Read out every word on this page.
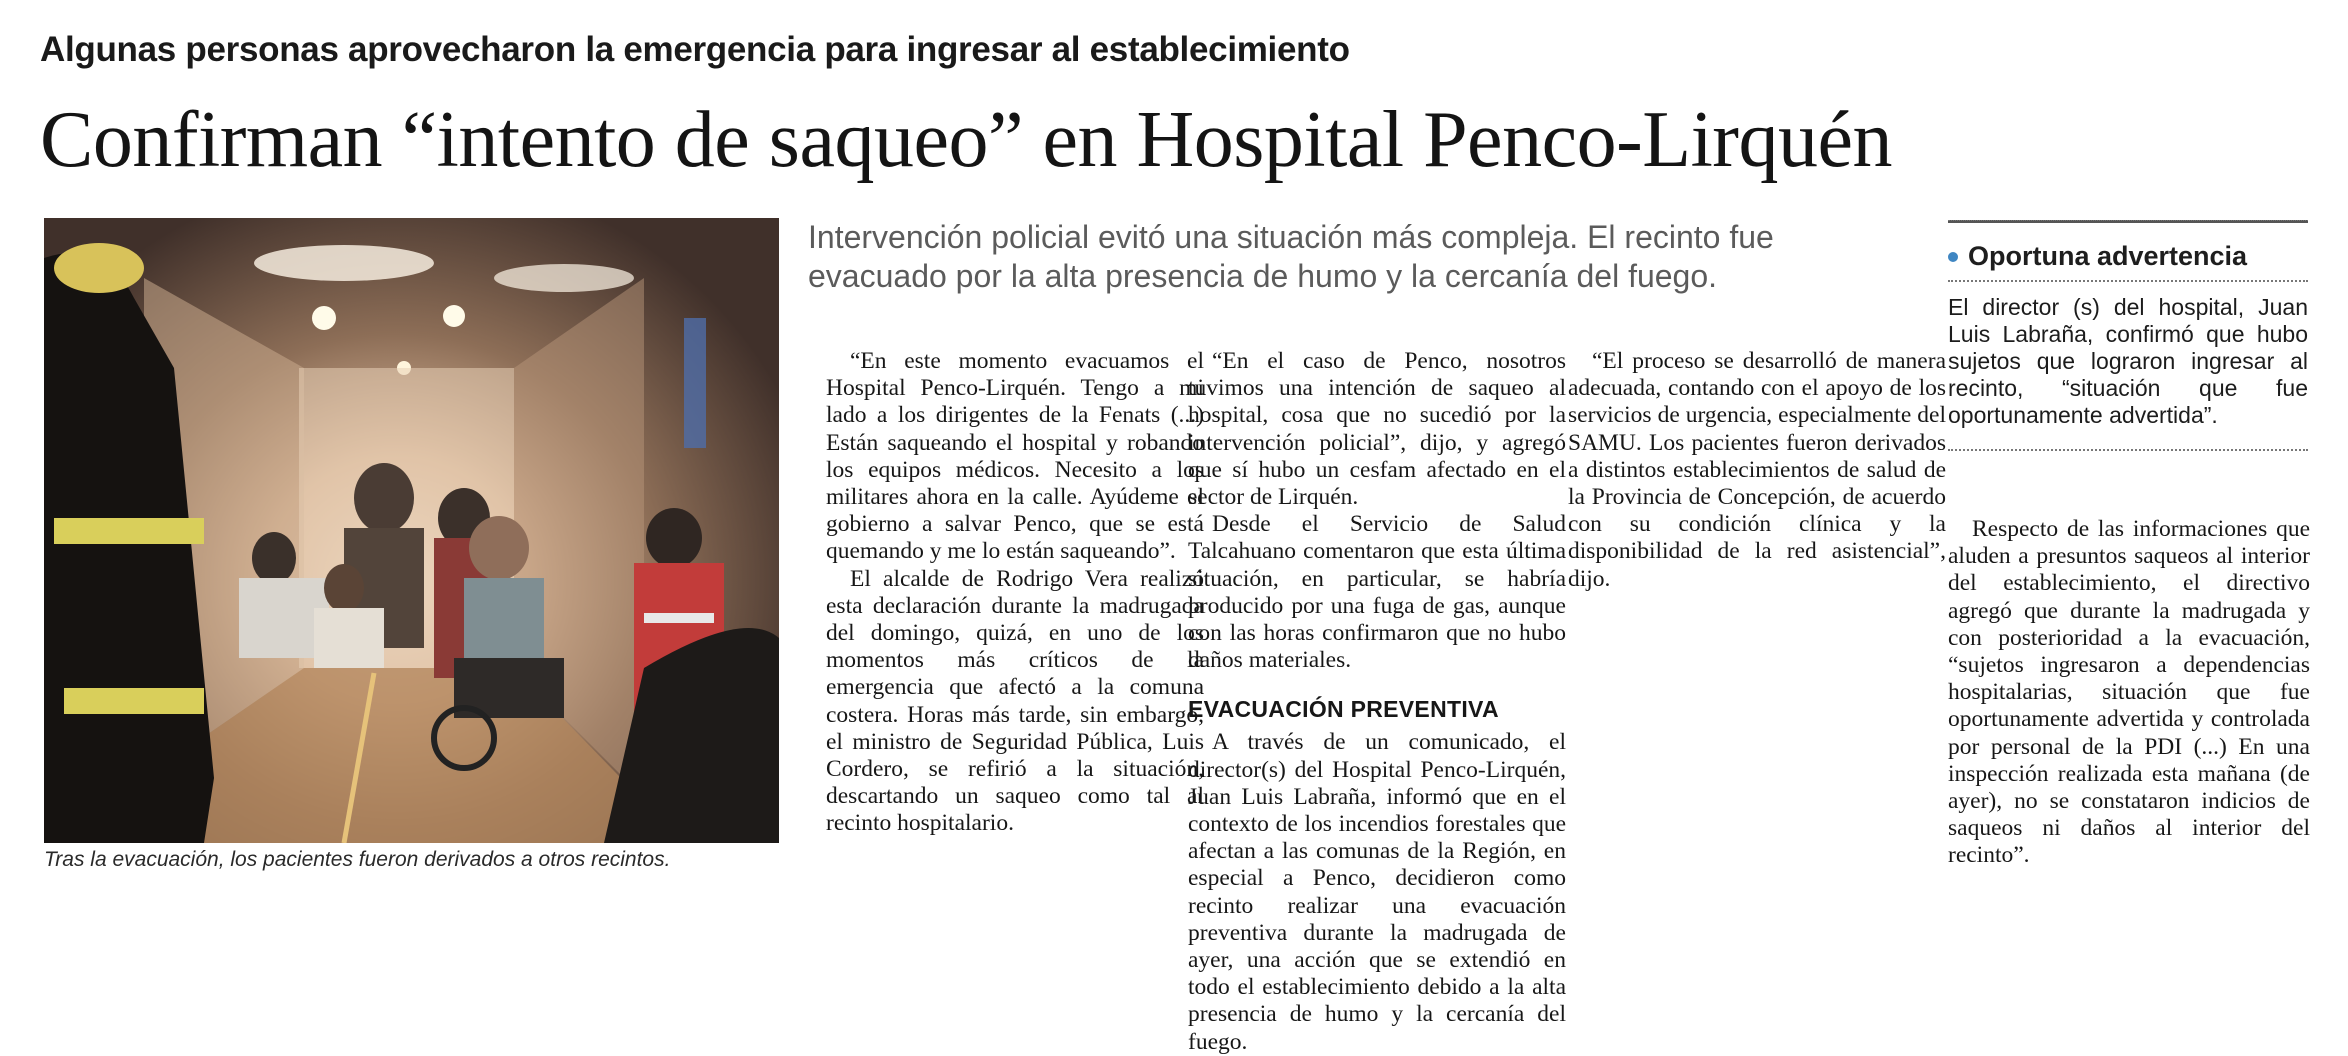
Algunas personas aprovecharon la emergencia para ingresar al establecimiento
Confirman “intento de saqueo” en Hospital Penco-Lirquén
Tras la evacuación, los pacientes fueron derivados a otros recintos.
Intervención policial evitó una situación más compleja. El recinto fue evacuado por la alta presencia de humo y la cercanía del fuego.

“En este momento evacuamos el Hospital Penco-Lirquén. Tengo a mi lado a los dirigentes de la Fenats (...) Están saqueando el hospital y robando los equipos médicos. Necesito a los militares ahora en la calle. Ayúdeme el gobierno a salvar Penco, que se está quemando y me lo están saqueando”.

El alcalde de Rodrigo Vera realizó esta declaración durante la madrugada del domingo, quizá, en uno de los momentos más críticos de la emergencia que afectó a la comuna costera. Horas más tarde, sin embargo, el ministro de Seguridad Pública, Luis Cordero, se refirió a la situación, descartando un saqueo como tal al recinto hospitalario.

“En el caso de Penco, nosotros tuvimos una intención de saqueo al hospital, cosa que no sucedió por la intervención policial”, dijo, y agregó que sí hubo un cesfam afectado en el sector de Lirquén.

Desde el Servicio de Salud Talcahuano comentaron que esta última situación, en particular, se habría producido por una fuga de gas, aunque con las horas confirmaron que no hubo daños materiales.

EVACUACIÓN PREVENTIVA

A través de un comunicado, el director(s) del Hospital Penco-Lirquén, Juan Luis Labraña, informó que en el contexto de los incendios forestales que afectan a las comunas de la Región, en especial a Penco, decidieron como recinto realizar una evacuación preventiva durante la madrugada de ayer, una acción que se extendió en todo el establecimiento debido a la alta presencia de humo y la cercanía del fuego.

“El proceso se desarrolló de manera adecuada, contando con el apoyo de los servicios de urgencia, especialmente del SAMU. Los pacientes fueron derivados a distintos establecimientos de salud de la Provincia de Concepción, de acuerdo con su condición clínica y la disponibilidad de la red asistencial”, dijo.

Oportuna advertencia
El director (s) del hospital, Juan Luis Labraña, confirmó que hubo sujetos que lograron ingresar al recinto, “situación que fue oportunamente advertida”.

Respecto de las informaciones que aluden a presuntos saqueos al interior del establecimiento, el directivo agregó que durante la madrugada y con posterioridad a la evacuación, “sujetos ingresaron a dependencias hospitalarias, situación que fue oportunamente advertida y controlada por personal de la PDI (...) En una inspección realizada esta mañana (de ayer), no se constataron indicios de saqueos ni daños al interior del recinto”.
